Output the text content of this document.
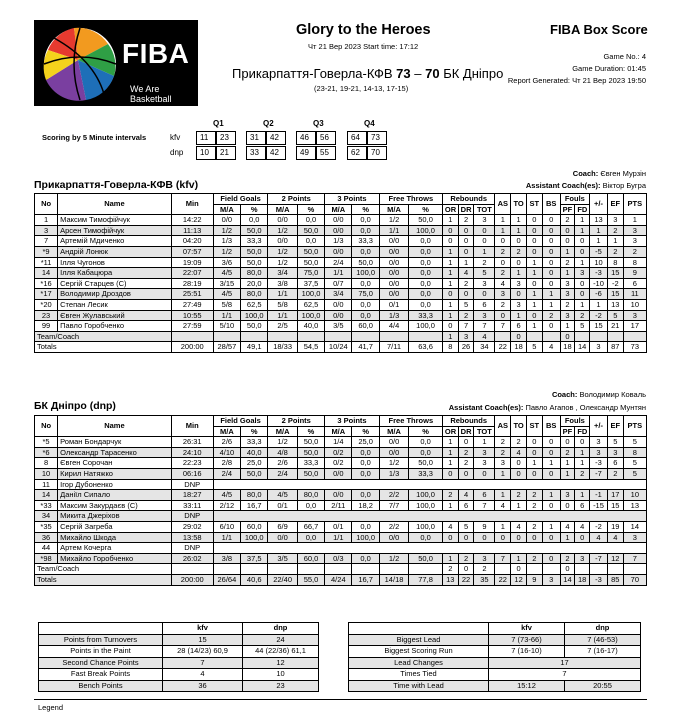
FIBA
We Are Basketball
Glory to the Heroes
Чт 21 Вер 2023 Start time: 17:12
Прикарпаття-Говерла-КФВ 73 – 70 БК Дніпро
(23-21, 19-21, 14-13, 17-15)
FIBA Box Score
Game No.: 4
Game Duration: 01:45
Report Generated: Чт 21 Вер 2023 19:50
Scoring by 5 Minute intervals
Q1	Q2	Q3	Q4
kfv	11	23	31	42	46	56	64	73
dnp	10	21	33	42	49	55	62	70
Coach: Євген Мурзін
Assistant Coach(es): Віктор Бугра
Прикарпаття-Говерла-КФВ (kfv)
No	Name	Min	Field Goals		2 Points		3 Points		Free Throws		Rebounds			AS	TO	ST	BS	Fouls		+/-	EF	PTS
			M/A	%	M/A	%	M/A	%	M/A	%	OR	DR	TOT					PF	FD			
1	Максим Тимофійчук	14:22	0/0	0,0	0/0	0,0	0/0	0,0	1/2	50,0	1	2	3	1	1	0	0	2	1	13	3	1
3	Арсен Тимофійчук	11:13	1/2	50,0	1/2	50,0	0/0	0,0	1/1	100,0	0	0	0	1	1	0	0	0	1	1	2	3
7	Артемій Мдиченко	04:20	1/3	33,3	0/0	0,0	1/3	33,3	0/0	0,0	0	0	0	0	0	0	0	0	0	1	1	3
*9	Андрій Лонюк	07:57	1/2	50,0	1/2	50,0	0/0	0,0	0/0	0,0	1	0	1	2	2	0	0	1	0	-5	2	2
*11	Ілля Чугонов	19:09	3/6	50,0	1/2	50,0	2/4	50,0	0/0	0,0	1	1	2	0	0	1	0	2	1	10	8	8
14	Ілля Кабацюра	22:07	4/5	80,0	3/4	75,0	1/1	100,0	0/0	0,0	1	4	5	2	1	1	0	1	3	-3	15	9
*16	Сергій Старцев (C)	28:19	3/15	20,0	3/8	37,5	0/7	0,0	0/0	0,0	1	2	3	4	3	0	0	3	0	-10	-2	6
*17	Володимир Дроздов	25:51	4/5	80,0	1/1	100,0	3/4	75,0	0/0	0,0	0	0	0	3	0	1	1	3	0	-6	15	11
*20	Степан Лесик	27:49	5/8	62,5	5/8	62,5	0/0	0,0	0/1	0,0	1	5	6	2	3	1	1	2	1	1	13	10
23	Євген Жулавський	10:55	1/1	100,0	1/1	100,0	0/0	0,0	1/3	33,3	1	2	3	0	1	0	2	3	2	-2	5	3
99	Павло Горобченко	27:59	5/10	50,0	2/5	40,0	3/5	60,0	4/4	100,0	0	7	7	7	6	1	0	1	5	15	21	17
Team/Coach											1	3	4		0			0				
Totals		200:00	28/57	49,1	18/33	54,5	10/24	41,7	7/11	63,6	8	26	34	22	18	5	4	18	14	3	87	73
Coach: Володимир Коваль
Assistant Coach(es): Павло Агапов , Олександр Мунтян
БК Дніпро (dnp)
No	Name	Min	Field Goals		2 Points		3 Points		Free Throws		Rebounds			AS	TO	ST	BS	Fouls		+/-	EF	PTS
			M/A	%	M/A	%	M/A	%	M/A	%	OR	DR	TOT					PF	FD			
*5	Роман Бондарчук	26:31	2/6	33,3	1/2	50,0	1/4	25,0	0/0	0,0	1	0	1	2	2	0	0	0	0	3	5	5
*6	Олександр Тарасенко	24:10	4/10	40,0	4/8	50,0	0/2	0,0	0/0	0,0	1	2	3	2	4	0	0	2	1	3	3	8
8	Євген Сорочан	22:23	2/8	25,0	2/6	33,3	0/2	0,0	1/2	50,0	1	2	3	3	0	1	1	1	1	-3	6	5
10	Кирил Натяжко	06:16	2/4	50,0	2/4	50,0	0/0	0,0	1/3	33,3	0	0	0	1	0	0	0	1	2	-7	2	5
11	Ігор Дубоненко	DNP																				
14	Даніїл Сипало	18:27	4/5	80,0	4/5	80,0	0/0	0,0	2/2	100,0	2	4	6	1	2	2	1	3	1	-1	17	10
*33	Максим Закурдаєв (C)	33:11	2/12	16,7	0/1	0,0	2/11	18,2	7/7	100,0	1	6	7	4	1	2	0	0	6	-15	15	13
34	Микита Джерiхов	DNP																				
*35	Сергій Загреба	29:02	6/10	60,0	6/9	66,7	0/1	0,0	2/2	100,0	4	5	9	1	4	2	1	4	4	-2	19	14
36	Михайло Шкода	13:58	1/1	100,0	0/0	0,0	1/1	100,0	0/0	0,0	0	0	0	0	0	0	0	1	0	4	4	3
44	Артем Кочерга	DNP																				
*98	Михайло Горобченко	26:02	3/8	37,5	3/5	60,0	0/3	0,0	1/2	50,0	1	2	3	7	1	2	0	2	3	-7	12	7
Team/Coach											2	0	2		0			0				
Totals		200:00	26/64	40,6	22/40	55,0	4/24	16,7	14/18	77,8	13	22	35	22	12	9	3	14	18	-3	85	70
	kfv	dnp
Points from Turnovers	15	24
Points in the Paint	28 (14/23) 60,9	44 (22/36) 61,1
Second Chance Points	7	12
Fast Break Points	4	10
Bench Points	36	23
	kfv	dnp
Biggest Lead	7 (73-66)	7 (46-53)
Biggest Scoring Run	7 (16-10)	7 (16-17)
Lead Changes	17	
Times Tied	7	
Time with Lead	15:12	20:55
Legend
